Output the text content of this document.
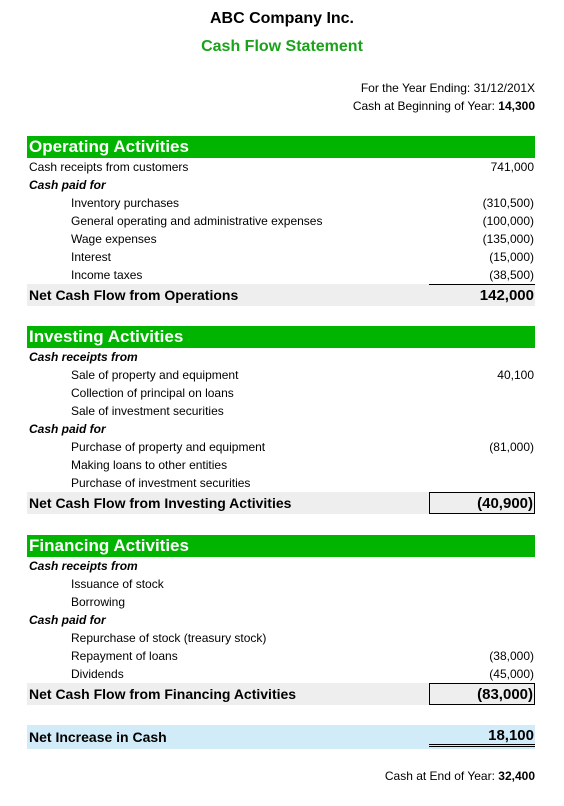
ABC Company Inc.
Cash Flow Statement
For the Year Ending: 31/12/201X
Cash at Beginning of Year: 14,300
Operating Activities
Cash receipts from customers	741,000
Cash paid for
Inventory purchases	(310,500)
General operating and administrative expenses	(100,000)
Wage expenses	(135,000)
Interest	(15,000)
Income taxes	(38,500)
Net Cash Flow from Operations	142,000
Investing Activities
Cash receipts from
Sale of property and equipment	40,100
Collection of principal on loans
Sale of investment securities
Cash paid for
Purchase of property and equipment	(81,000)
Making loans to other entities
Purchase of investment securities
Net Cash Flow from Investing Activities	(40,900)
Financing Activities
Cash receipts from
Issuance of stock
Borrowing
Cash paid for
Repurchase of stock (treasury stock)
Repayment of loans	(38,000)
Dividends	(45,000)
Net Cash Flow from Financing Activities	(83,000)
Net Increase in Cash	18,100
Cash at End of Year: 32,400
